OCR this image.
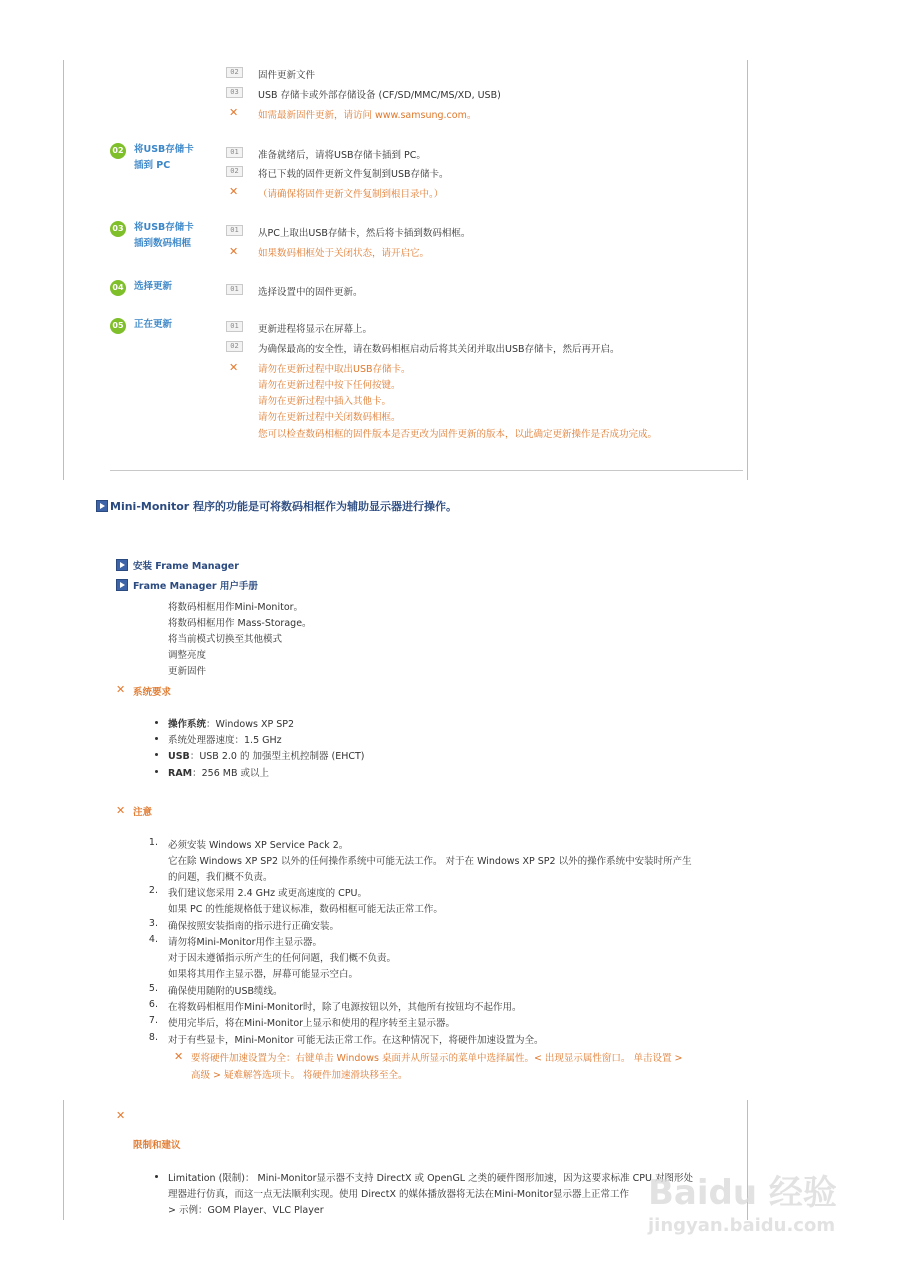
02	固件更新文件
03	USB 存储卡或外部存储设备 (CF/SD/MMC/MS/XD, USB)
✕ 如需最新固件更新，请访问 www.samsung.com。
02 将USB存储卡
插到 PC
01	准备就绪后，请将USB存储卡插到 PC。
02	将已下载的固件更新文件复制到USB存储卡。
✕ （请确保将固件更新文件复制到根目录中。）
03 将USB存储卡
插到数码相框
01	从PC上取出USB存储卡，然后将卡插到数码相框。
✕ 如果数码相框处于关闭状态，请开启它。
04 选择更新	01	选择设置中的固件更新。
05 正在更新	01	更新进程将显示在屏幕上。
02	为确保最高的安全性，请在数码相框启动后将其关闭并取出USB存储卡，然后再开启。
✕ 请勿在更新过程中取出USB存储卡。
请勿在更新过程中按下任何按键。
请勿在更新过程中插入其他卡。
请勿在更新过程中关闭数码相框。
您可以检查数码相框的固件版本是否更改为固件更新的版本，以此确定更新操作是否成功完成。
Mini-Monitor 程序的功能是可将数码相框作为辅助显示器进行操作。
安装 Frame Manager
Frame Manager 用户手册
将数码相框用作Mini-Monitor。
将数码相框用作 Mass-Storage。
将当前模式切换至其他模式
调整亮度
更新固件
✕ 系统要求
操作系统：Windows XP SP2
系统处理器速度：1.5 GHz
USB：USB 2.0 的 加强型主机控制器 (EHCT)
RAM：256 MB 或以上
✕ 注意
1. 必须安装 Windows XP Service Pack 2。
它在除 Windows XP SP2 以外的任何操作系统中可能无法工作。 对于在 Windows XP SP2 以外的操作系统中安装时所产生
的问题，我们概不负责。
2. 我们建议您采用 2.4 GHz 或更高速度的 CPU。
如果 PC 的性能规格低于建议标准，数码相框可能无法正常工作。
3. 确保按照安装指南的指示进行正确安装。
4. 请勿将Mini-Monitor用作主显示器。
对于因未遵循指示所产生的任何问题，我们概不负责。
如果将其用作主显示器，屏幕可能显示空白。
5. 确保使用随附的USB缆线。
6. 在将数码相框用作Mini-Monitor时，除了电源按钮以外，其他所有按钮均不起作用。
7. 使用完毕后，将在Mini-Monitor上显示和使用的程序转至主显示器。
8. 对于有些显卡，Mini-Monitor 可能无法正常工作。在这种情况下，将硬件加速设置为全。
✕ 要将硬件加速设置为全：右键单击 Windows 桌面并从所显示的菜单中选择属性。< 出现显示属性窗口。 单击设置 >
高级 > 疑难解答选项卡。 将硬件加速滑块移至全。
✕
限制和建议
Limitation (限制)： Mini-Monitor显示器不支持 DirectX 或 OpenGL 之类的硬件图形加速，因为这要求标准 CPU 对图形处
理器进行仿真，而这一点无法顺利实现。使用 DirectX 的媒体播放器将无法在Mini-Monitor显示器上正常工作
> 示例：GOM Player、VLC Player	Baidu 经验
jingyan.baidu.com
